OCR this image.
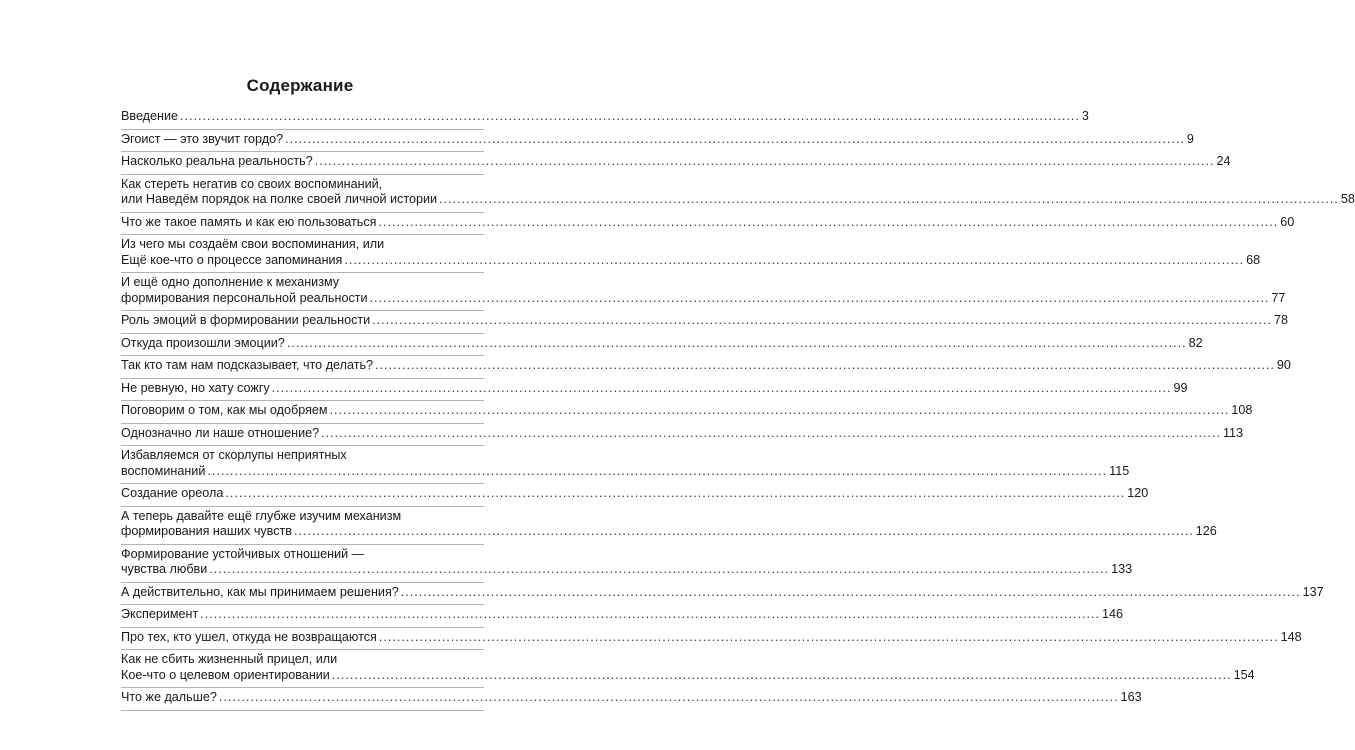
Содержание
Введение ........................................................................................................................................................................................................ 3
Эгоист — это звучит гордо? ........................................................................................................................................................................................................ 9
Насколько реальна реальность? ........................................................................................................................................................................................................ 24
Как стереть негатив со своих воспоминаний,
или Наведём порядок на полке своей личной истории ........................................................................................................................................................................................................ 58
Что же такое память и как ею пользоваться ........................................................................................................................................................................................................ 60
Из чего мы создаём свои воспоминания, или
Ещё кое-что о процессе запоминания ........................................................................................................................................................................................................ 68
И ещё одно дополнение к механизму
формирования персональной реальности ........................................................................................................................................................................................................ 77
Роль эмоций в формировании реальности ........................................................................................................................................................................................................ 78
Откуда произошли эмоции? ........................................................................................................................................................................................................ 82
Так кто там нам подсказывает, что делать? ........................................................................................................................................................................................................ 90
Не ревную, но хату сожгу ........................................................................................................................................................................................................ 99
Поговорим о том, как мы одобряем ........................................................................................................................................................................................................ 108
Однозначно ли наше отношение? ........................................................................................................................................................................................................ 113
Избавляемся от скорлупы неприятных
воспоминаний ........................................................................................................................................................................................................ 115
Создание ореола ........................................................................................................................................................................................................ 120
А теперь давайте ещё глубже изучим механизм
формирования наших чувств ........................................................................................................................................................................................................ 126
Формирование устойчивых отношений —
чувства любви ........................................................................................................................................................................................................ 133
А действительно, как мы принимаем решения? ........................................................................................................................................................................................................ 137
Эксперимент ........................................................................................................................................................................................................ 146
Про тех, кто ушел, откуда не возвращаются ........................................................................................................................................................................................................ 148
Как не сбить жизненный прицел, или
Кое-что о целевом ориентировании ........................................................................................................................................................................................................ 154
Что же дальше? ........................................................................................................................................................................................................ 163
